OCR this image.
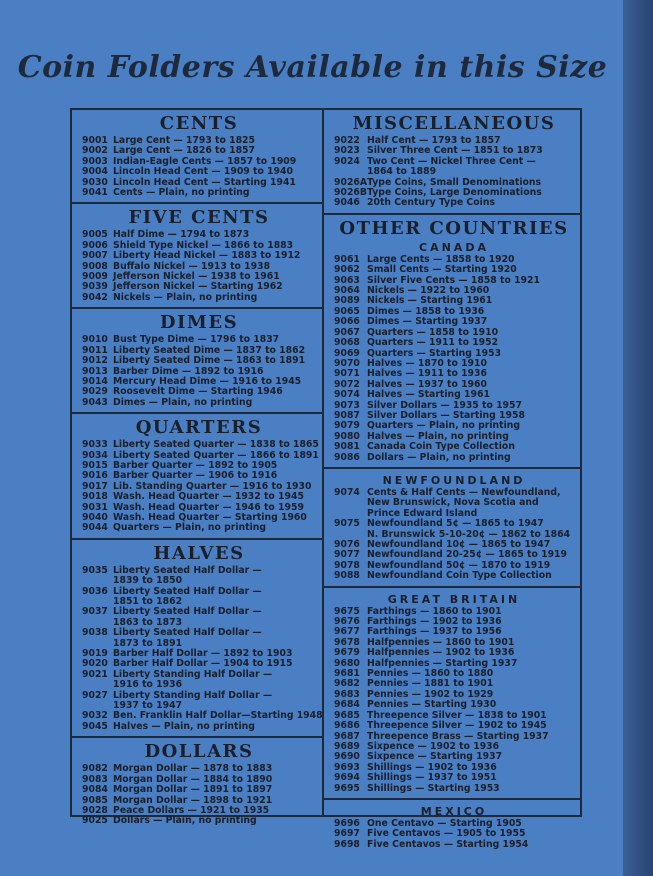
Coin Folders Available in this Size
CENTS
9001 Large Cent — 1793 to 1825
9002 Large Cent — 1826 to 1857
9003 Indian-Eagle Cents — 1857 to 1909
9004 Lincoln Head Cent — 1909 to 1940
9030 Lincoln Head Cent — Starting 1941
9041 Cents — Plain, no printing
FIVE CENTS
9005 Half Dime — 1794 to 1873
9006 Shield Type Nickel — 1866 to 1883
9007 Liberty Head Nickel — 1883 to 1912
9008 Buffalo Nickel — 1913 to 1938
9009 Jefferson Nickel — 1938 to 1961
9039 Jefferson Nickel — Starting 1962
9042 Nickels — Plain, no printing
DIMES
9010 Bust Type Dime — 1796 to 1837
9011 Liberty Seated Dime — 1837 to 1862
9012 Liberty Seated Dime — 1863 to 1891
9013 Barber Dime — 1892 to 1916
9014 Mercury Head Dime — 1916 to 1945
9029 Roosevelt Dime — Starting 1946
9043 Dimes — Plain, no printing
QUARTERS
9033 Liberty Seated Quarter — 1838 to 1865
9034 Liberty Seated Quarter — 1866 to 1891
9015 Barber Quarter — 1892 to 1905
9016 Barber Quarter — 1906 to 1916
9017 Lib. Standing Quarter — 1916 to 1930
9018 Wash. Head Quarter — 1932 to 1945
9031 Wash. Head Quarter — 1946 to 1959
9040 Wash. Head Quarter — Starting 1960
9044 Quarters — Plain, no printing
HALVES
9035 Liberty Seated Half Dollar —
1839 to 1850
9036 Liberty Seated Half Dollar —
1851 to 1862
9037 Liberty Seated Half Dollar —
1863 to 1873
9038 Liberty Seated Half Dollar —
1873 to 1891
9019 Barber Half Dollar — 1892 to 1903
9020 Barber Half Dollar — 1904 to 1915
9021 Liberty Standing Half Dollar —
1916 to 1936
9027 Liberty Standing Half Dollar —
1937 to 1947
9032 Ben. Franklin Half Dollar—Starting 1948
9045 Halves — Plain, no printing
DOLLARS
9082 Morgan Dollar — 1878 to 1883
9083 Morgan Dollar — 1884 to 1890
9084 Morgan Dollar — 1891 to 1897
9085 Morgan Dollar — 1898 to 1921
9028 Peace Dollars — 1921 to 1935
9025 Dollars — Plain, no printing
MISCELLANEOUS
9022 Half Cent — 1793 to 1857
9023 Silver Three Cent — 1851 to 1873
9024 Two Cent — Nickel Three Cent —
1864 to 1889
9026A Type Coins, Small Denominations
9026B Type Coins, Large Denominations
9046 20th Century Type Coins
OTHER COUNTRIES
CANADA
9061 Large Cents — 1858 to 1920
9062 Small Cents — Starting 1920
9063 Silver Five Cents — 1858 to 1921
9064 Nickels — 1922 to 1960
9089 Nickels — Starting 1961
9065 Dimes — 1858 to 1936
9066 Dimes — Starting 1937
9067 Quarters — 1858 to 1910
9068 Quarters — 1911 to 1952
9069 Quarters — Starting 1953
9070 Halves — 1870 to 1910
9071 Halves — 1911 to 1936
9072 Halves — 1937 to 1960
9074 Halves — Starting 1961
9073 Silver Dollars — 1935 to 1957
9087 Silver Dollars — Starting 1958
9079 Quarters — Plain, no printing
9080 Halves — Plain, no printing
9081 Canada Coin Type Collection
9086 Dollars — Plain, no printing
NEWFOUNDLAND
9074 Cents & Half Cents — Newfoundland,
New Brunswick, Nova Scotia and
Prince Edward Island
9075 Newfoundland 5¢ — 1865 to 1947
N. Brunswick 5-10-20¢ — 1862 to 1864
9076 Newfoundland 10¢ — 1865 to 1947
9077 Newfoundland 20-25¢ — 1865 to 1919
9078 Newfoundland 50¢ — 1870 to 1919
9088 Newfoundland Coin Type Collection
GREAT BRITAIN
9675 Farthings — 1860 to 1901
9676 Farthings — 1902 to 1936
9677 Farthings — 1937 to 1956
9678 Halfpennies — 1860 to 1901
9679 Halfpennies — 1902 to 1936
9680 Halfpennies — Starting 1937
9681 Pennies — 1860 to 1880
9682 Pennies — 1881 to 1901
9683 Pennies — 1902 to 1929
9684 Pennies — Starting 1930
9685 Threepence Silver — 1838 to 1901
9686 Threepence Silver — 1902 to 1945
9687 Threepence Brass — Starting 1937
9689 Sixpence — 1902 to 1936
9690 Sixpence — Starting 1937
9693 Shillings — 1902 to 1936
9694 Shillings — 1937 to 1951
9695 Shillings — Starting 1953
MEXICO
9696 One Centavo — Starting 1905
9697 Five Centavos — 1905 to 1955
9698 Five Centavos — Starting 1954
